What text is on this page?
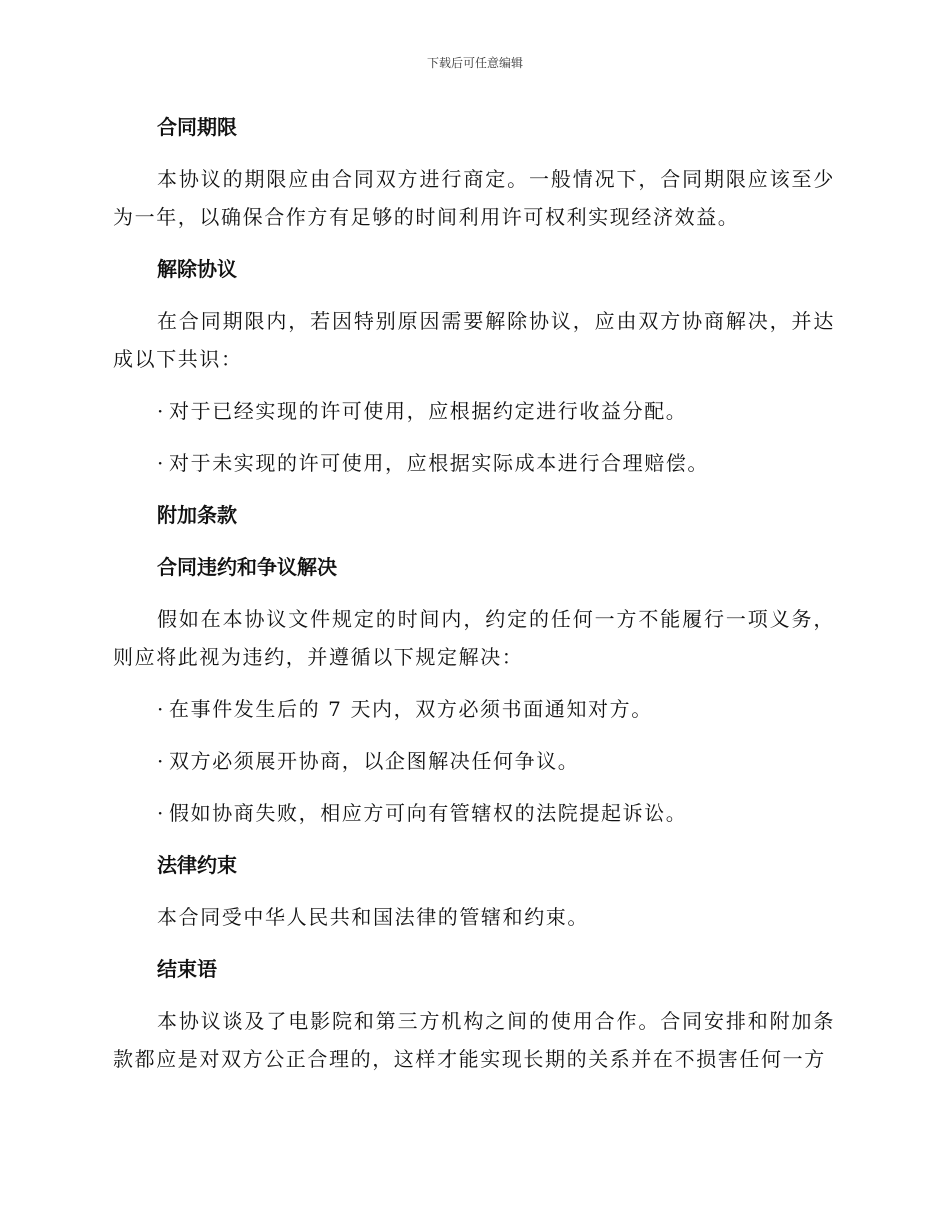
下载后可任意编辑
合同期限

本协议的期限应由合同双方进行商定。一般情况下，合同期限应该至少为一年，以确保合作方有足够的时间利用许可权利实现经济效益。

解除协议

在合同期限内，若因特别原因需要解除协议，应由双方协商解决，并达成以下共识：

· 对于已经实现的许可使用，应根据约定进行收益分配。

· 对于未实现的许可使用，应根据实际成本进行合理赔偿。

附加条款
合同违约和争议解决

假如在本协议文件规定的时间内，约定的任何一方不能履行一项义务，则应将此视为违约，并遵循以下规定解决：

· 在事件发生后的 7 天内，双方必须书面通知对方。

· 双方必须展开协商，以企图解决任何争议。

· 假如协商失败，相应方可向有管辖权的法院提起诉讼。

法律约束

本合同受中华人民共和国法律的管辖和约束。

结束语

本协议谈及了电影院和第三方机构之间的使用合作。合同安排和附加条款都应是对双方公正合理的，这样才能实现长期的关系并在不损害任何一方
